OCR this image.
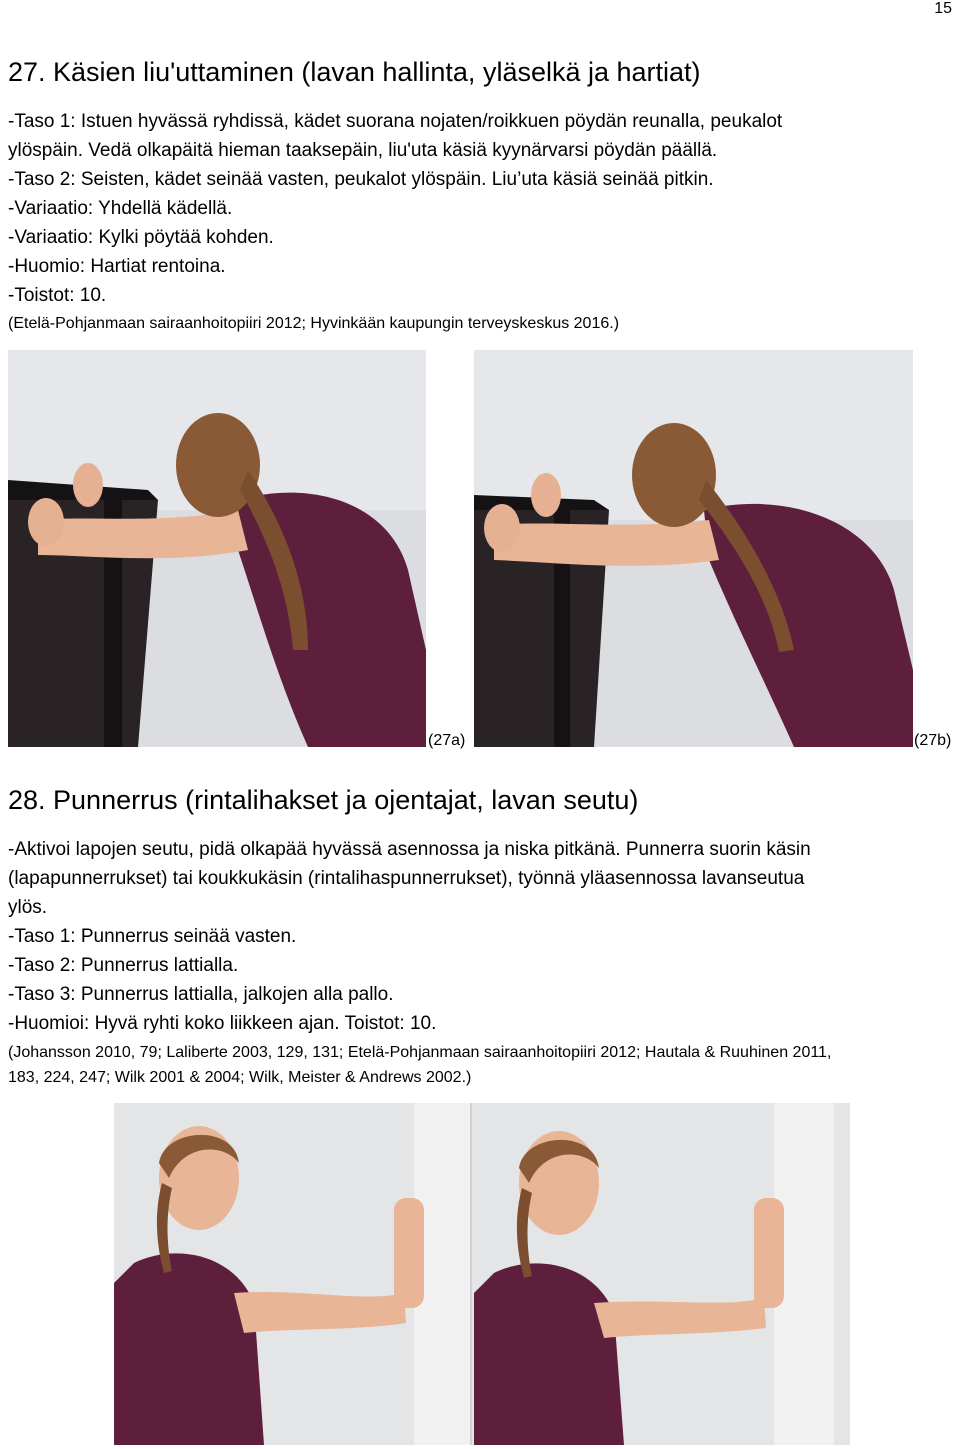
15
27. Käsien liu'uttaminen (lavan hallinta, yläselkä ja hartiat)
-Taso 1: Istuen hyvässä ryhdissä, kädet suorana nojaten/roikkuen pöydän reunalla, peukalot
ylöspäin. Vedä olkapäitä hieman taaksepäin, liu'uta käsiä kyynärvarsi pöydän päällä.
-Taso 2: Seisten, kädet seinää vasten, peukalot ylöspäin. Liu’uta käsiä seinää pitkin.
-Variaatio: Yhdellä kädellä.
-Variaatio: Kylki pöytää kohden.
-Huomio: Hartiat rentoina.
-Toistot: 10.
(Etelä-Pohjanmaan sairaanhoitopiiri 2012; Hyvinkään kaupungin terveyskeskus 2016.)
(27a)	(27b)
28. Punnerrus (rintalihakset ja ojentajat, lavan seutu)
-Aktivoi lapojen seutu, pidä olkapää hyvässä asennossa ja niska pitkänä. Punnerra suorin käsin
(lapapunnerrukset) tai koukkukäsin (rintalihaspunnerrukset), työnnä yläasennossa lavanseutua
ylös.
-Taso 1: Punnerrus seinää vasten.
-Taso 2: Punnerrus lattialla.
-Taso 3: Punnerrus lattialla, jalkojen alla pallo.
-Huomioi: Hyvä ryhti koko liikkeen ajan. Toistot: 10.
(Johansson 2010, 79; Laliberte 2003, 129, 131; Etelä-Pohjanmaan sairaanhoitopiiri 2012; Hautala & Ruuhinen 2011,
183, 224, 247; Wilk 2001 & 2004; Wilk, Meister & Andrews 2002.)
